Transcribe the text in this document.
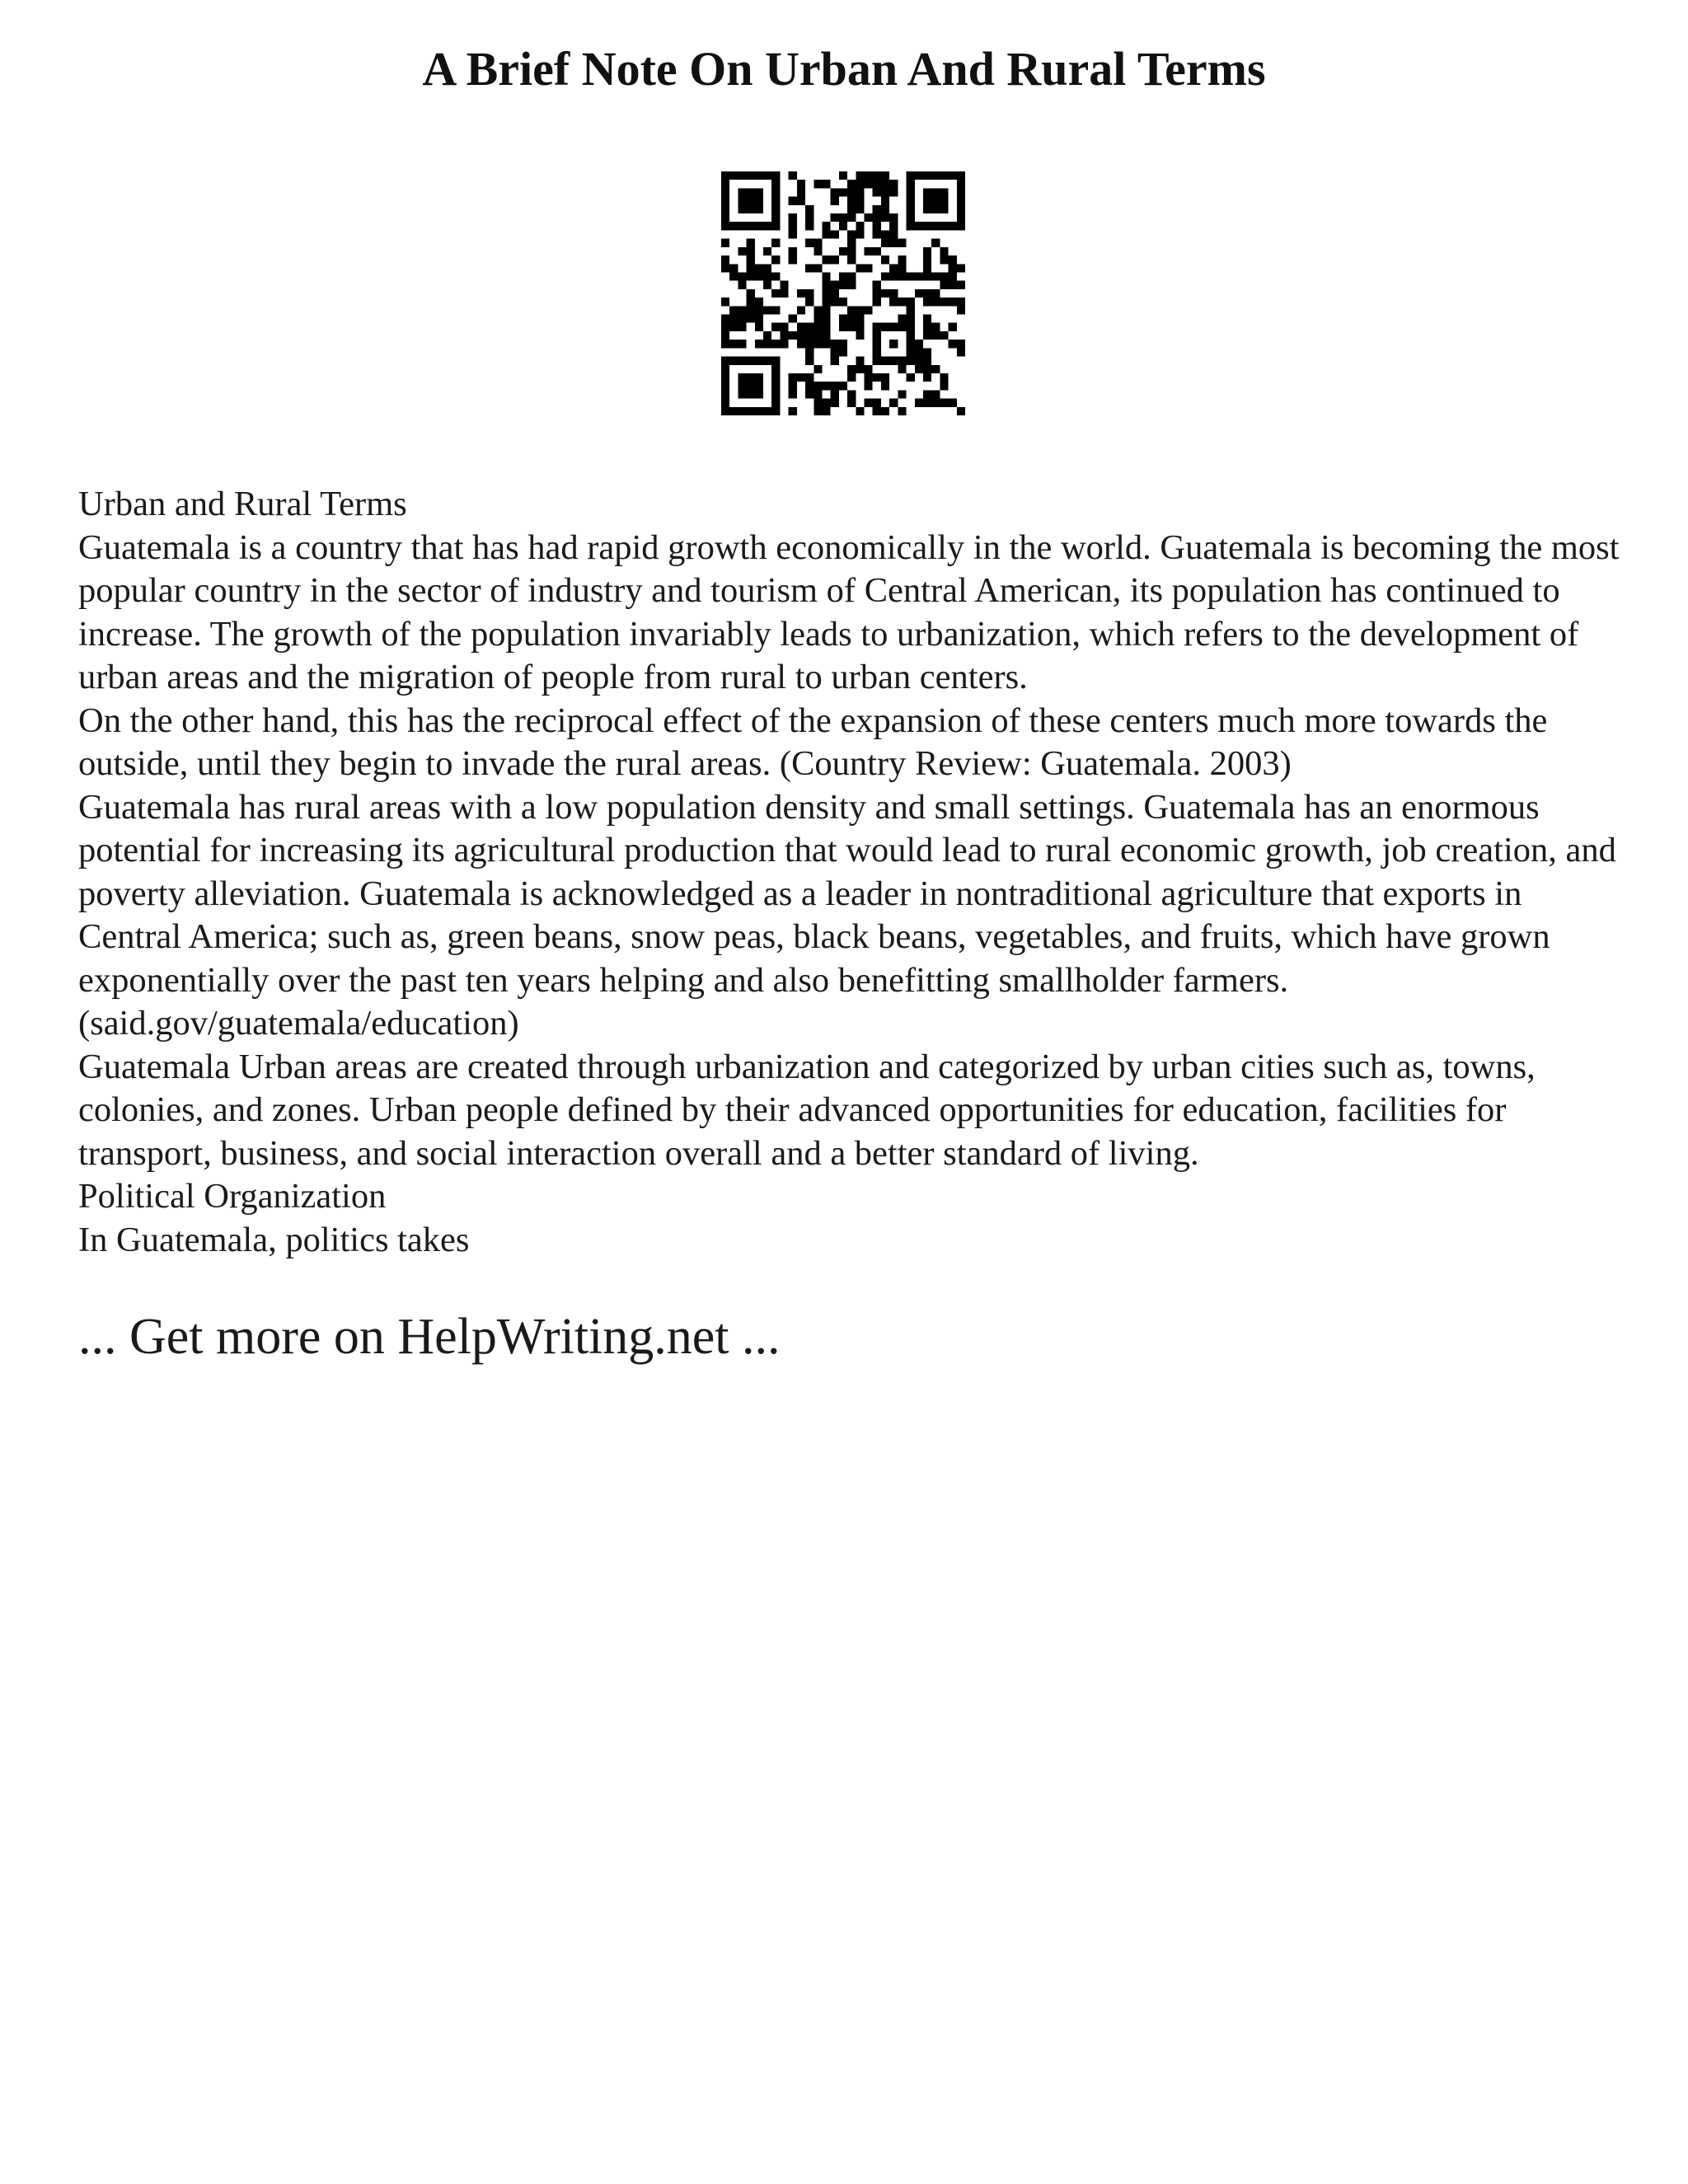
A Brief Note On Urban And Rural Terms

Urban and Rural Terms

Guatemala is a country that has had rapid growth economically in the world. Guatemala is becoming the most popular country in the sector of industry and tourism of Central American, its population has continued to increase. The growth of the population invariably leads to urbanization, which refers to the development of urban areas and the migration of people from rural to urban centers.

On the other hand, this has the reciprocal effect of the expansion of these centers much more towards the outside, until they begin to invade the rural areas. (Country Review: Guatemala. 2003)

Guatemala has rural areas with a low population density and small settings. Guatemala has an enormous potential for increasing its agricultural production that would lead to rural economic growth, job creation, and poverty alleviation. Guatemala is acknowledged as a leader in nontraditional agriculture that exports in Central America; such as, green beans, snow peas, black beans, vegetables, and fruits, which have grown exponentially over the past ten years helping and also benefitting smallholder farmers. (said.gov/guatemala/education)

Guatemala Urban areas are created through urbanization and categorized by urban cities such as, towns, colonies, and zones. Urban people defined by their advanced opportunities for education, facilities for transport, business, and social interaction overall and a better standard of living.

Political Organization

In Guatemala, politics takes

... Get more on HelpWriting.net ...
